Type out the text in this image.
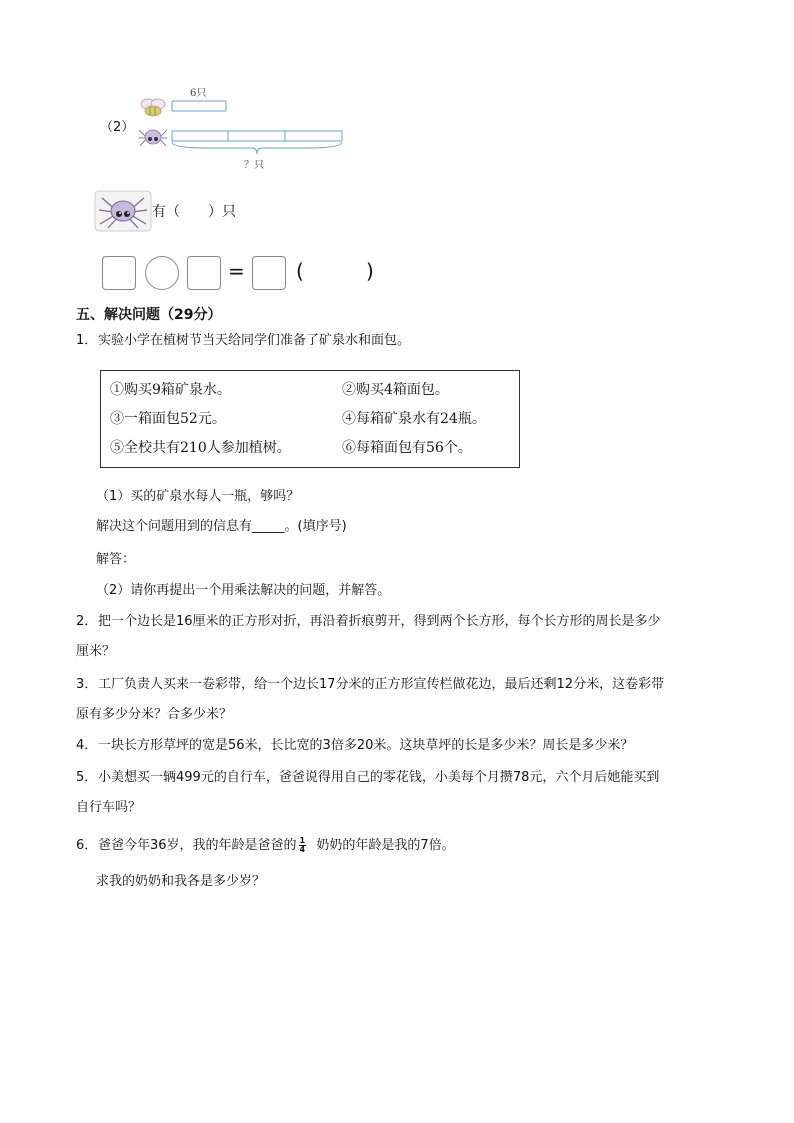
（2）
6只
？只
有（　　）只
=	(	)
五、解决问题（29分）
1． 实验小学在植树节当天给同学们准备了矿泉水和面包。
①购买9箱矿泉水。	②购买4箱面包。
③一箱面包52元。	④每箱矿泉水有24瓶。
⑤全校共有210人参加植树。	⑥每箱面包有56个。
（1）买的矿泉水每人一瓶，够吗？
解决这个问题用到的信息有_____。(填序号)
解答：
（2）请你再提出一个用乘法解决的问题，并解答。
2． 把一个边长是16厘米的正方形对折，再沿着折痕剪开，得到两个长方形，每个长方形的周长是多少
厘米？
3． 工厂负责人买来一卷彩带，给一个边长17分米的正方形宣传栏做花边，最后还剩12分米，这卷彩带
原有多少分米？合多少米？
4． 一块长方形草坪的宽是56米，长比宽的3倍多20米。这块草坪的长是多少米？周长是多少米？
5． 小美想买一辆499元的自行车，爸爸说得用自己的零花钱，小美每个月攒78元，六个月后她能买到
自行车吗？
6． 爸爸今年36岁，我的年龄是爸爸的 $\frac{1}{4}$ 奶奶的年龄是我的7倍。
求我的奶奶和我各是多少岁？
